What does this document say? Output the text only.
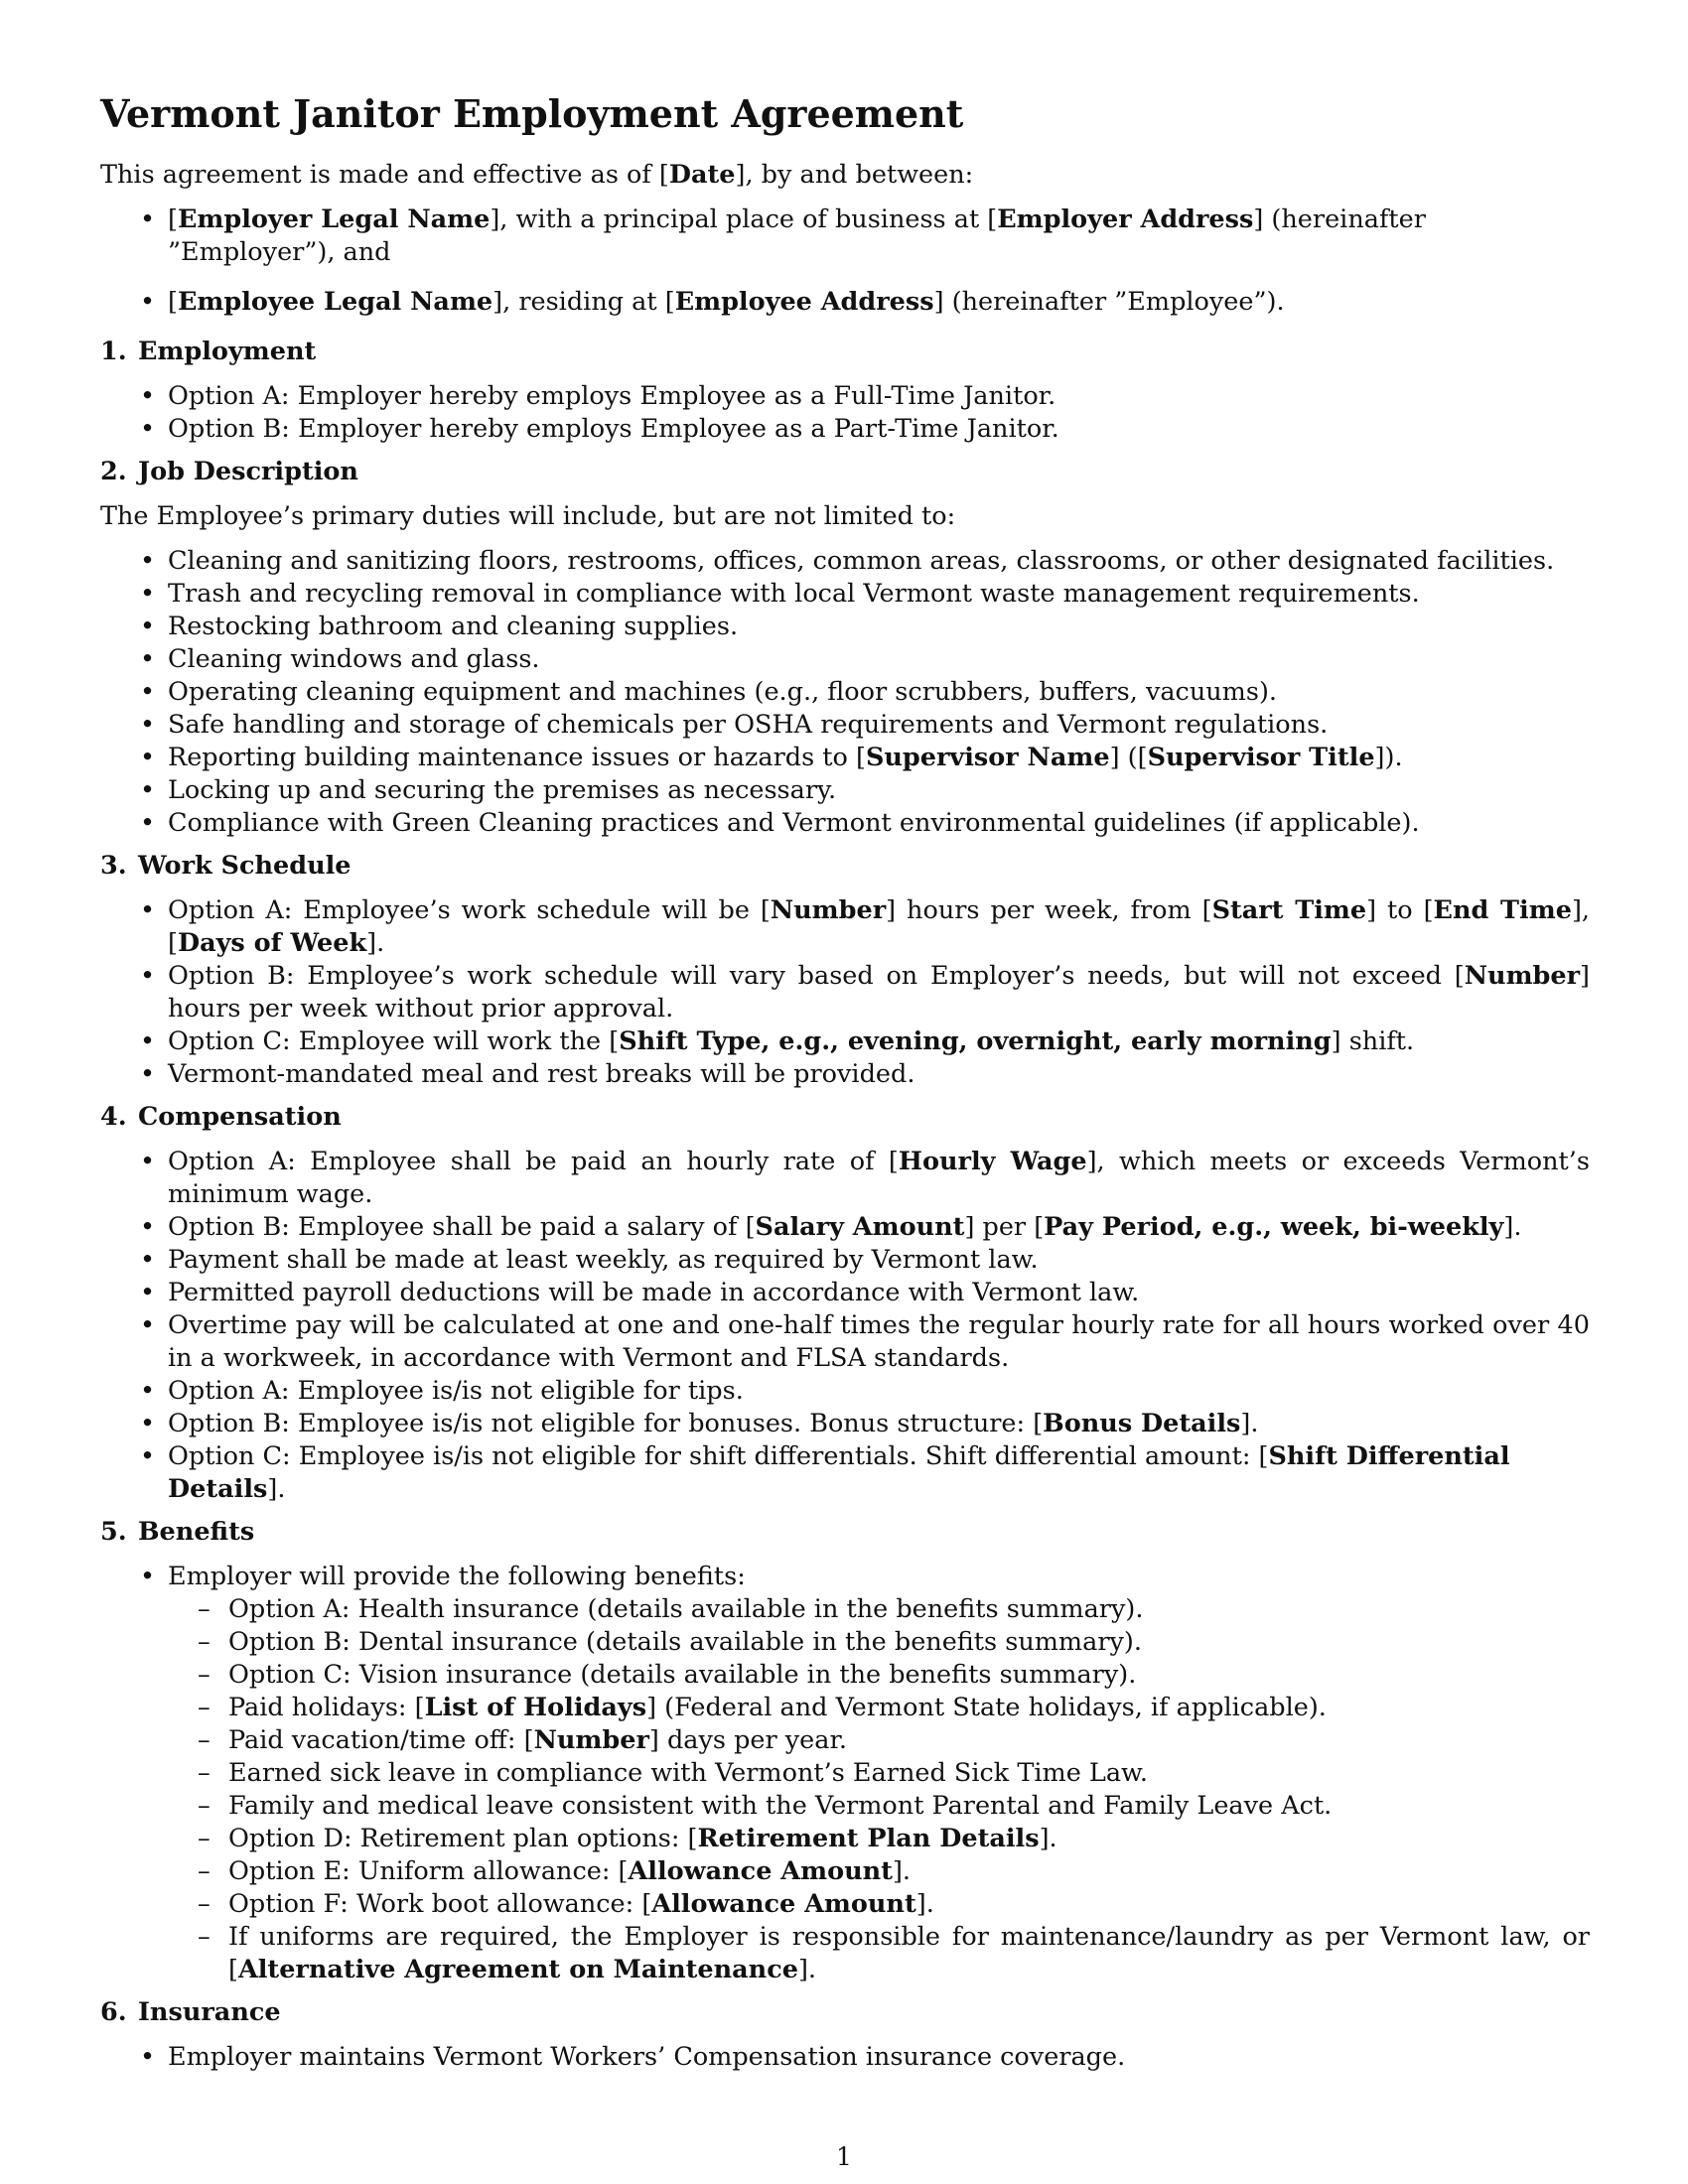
Vermont Janitor Employment Agreement

This agreement is made and effective as of [Date], by and between:

• [Employer Legal Name], with a principal place of business at [Employer Address] (hereinafter ”Employer”), and
• [Employee Legal Name], residing at [Employee Address] (hereinafter ”Employee”).
1. Employment
• Option A: Employer hereby employs Employee as a Full-Time Janitor.
• Option B: Employer hereby employs Employee as a Part-Time Janitor.
2. Job Description

The Employee’s primary duties will include, but are not limited to:

• Cleaning and sanitizing floors, restrooms, offices, common areas, classrooms, or other designated facilities.
• Trash and recycling removal in compliance with local Vermont waste management requirements.
• Restocking bathroom and cleaning supplies.
• Cleaning windows and glass.
• Operating cleaning equipment and machines (e.g., floor scrubbers, buffers, vacuums).
• Safe handling and storage of chemicals per OSHA requirements and Vermont regulations.
• Reporting building maintenance issues or hazards to [Supervisor Name] ([Supervisor Title]).
• Locking up and securing the premises as necessary.
• Compliance with Green Cleaning practices and Vermont environmental guidelines (if applicable).
3. Work Schedule
• Option A: Employee’s work schedule will be [Number] hours per week, from [Start Time] to [End Time], [Days of Week].
• Option B: Employee’s work schedule will vary based on Employer’s needs, but will not exceed [Number] hours per week without prior approval.
• Option C: Employee will work the [Shift Type, e.g., evening, overnight, early morning] shift.
• Vermont-mandated meal and rest breaks will be provided.
4. Compensation
• Option A: Employee shall be paid an hourly rate of [Hourly Wage], which meets or exceeds Vermont’s minimum wage.
• Option B: Employee shall be paid a salary of [Salary Amount] per [Pay Period, e.g., week, bi-weekly].
• Payment shall be made at least weekly, as required by Vermont law.
• Permitted payroll deductions will be made in accordance with Vermont law.
• Overtime pay will be calculated at one and one-half times the regular hourly rate for all hours worked over 40 in a workweek, in accordance with Vermont and FLSA standards.
• Option A: Employee is/is not eligible for tips.
• Option B: Employee is/is not eligible for bonuses. Bonus structure: [Bonus Details].
• Option C: Employee is/is not eligible for shift differentials. Shift differential amount: [Shift Differential Details].
5. Benefits
• Employer will provide the following benefits:
– Option A: Health insurance (details available in the benefits summary).
– Option B: Dental insurance (details available in the benefits summary).
– Option C: Vision insurance (details available in the benefits summary).
– Paid holidays: [List of Holidays] (Federal and Vermont State holidays, if applicable).
– Paid vacation/time off: [Number] days per year.
– Earned sick leave in compliance with Vermont’s Earned Sick Time Law.
– Family and medical leave consistent with the Vermont Parental and Family Leave Act.
– Option D: Retirement plan options: [Retirement Plan Details].
– Option E: Uniform allowance: [Allowance Amount].
– Option F: Work boot allowance: [Allowance Amount].
– If uniforms are required, the Employer is responsible for maintenance/laundry as per Vermont law, or [Alternative Agreement on Maintenance].
6. Insurance
• Employer maintains Vermont Workers’ Compensation insurance coverage.
1
